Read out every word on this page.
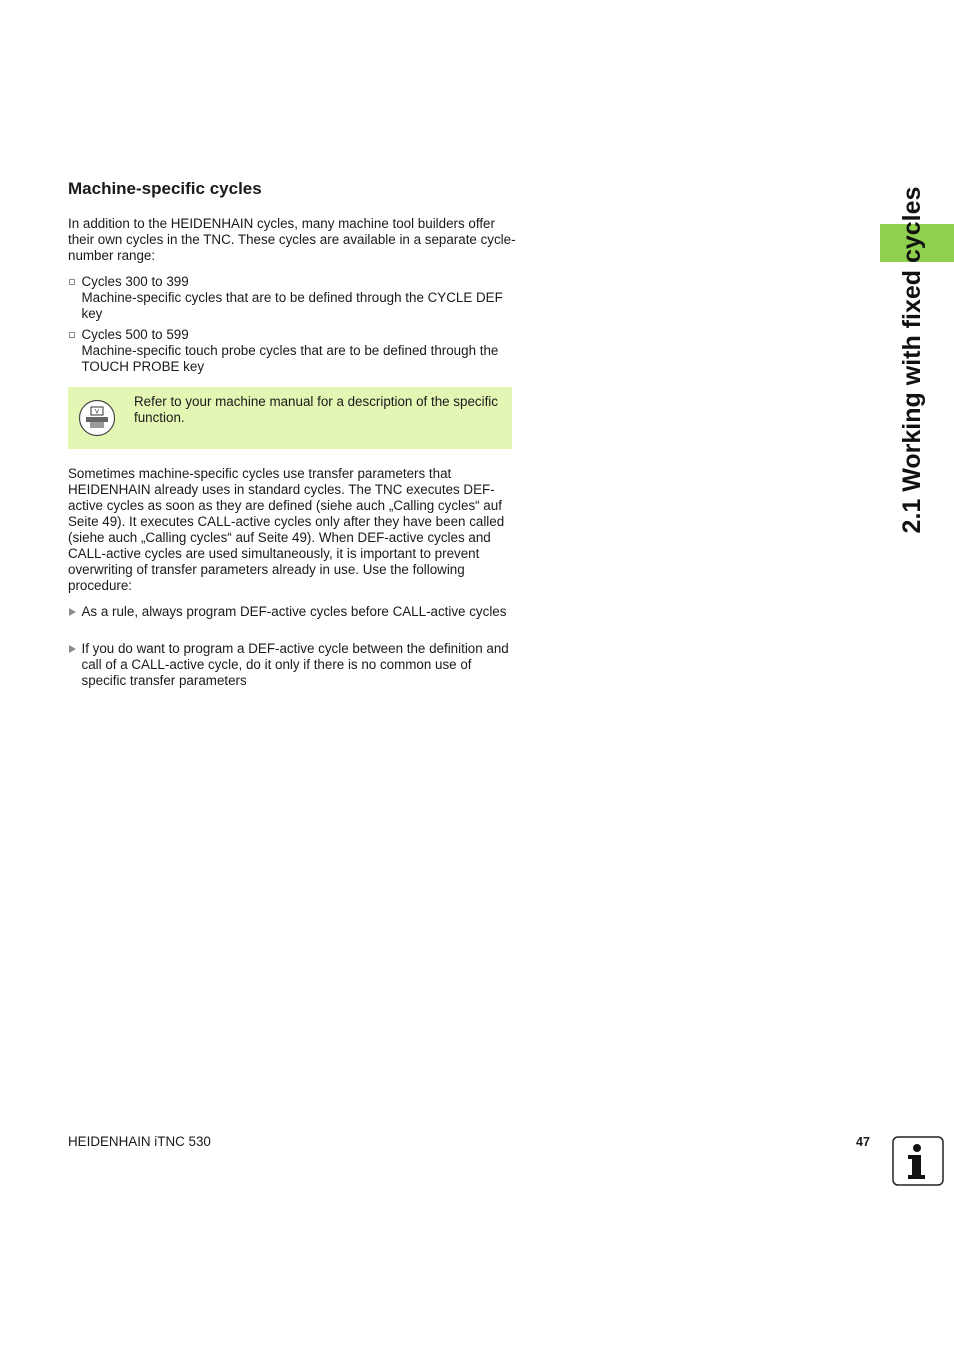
Machine-specific cycles

In addition to the HEIDENHAIN cycles, many machine tool builders offer their own cycles in the TNC. These cycles are available in a separate cycle-number range:

Cycles 300 to 399
Machine-specific cycles that are to be defined through the CYCLE DEF key
Cycles 500 to 599
Machine-specific touch probe cycles that are to be defined through the TOUCH PROBE key
V
Refer to your machine manual for a description of the specific function.

Sometimes machine-specific cycles use transfer parameters that HEIDENHAIN already uses in standard cycles. The TNC executes DEF-active cycles as soon as they are defined (siehe auch „Calling cycles“ auf Seite 49). It executes CALL-active cycles only after they have been called (siehe auch „Calling cycles“ auf Seite 49). When DEF-active cycles and CALL-active cycles are used simultaneously, it is important to prevent overwriting of transfer parameters already in use. Use the following procedure:

As a rule, always program DEF-active cycles before CALL-active cycles
If you do want to program a DEF-active cycle between the definition and call of a CALL-active cycle, do it only if there is no common use of specific transfer parameters
2.1 Working with fixed cycles
HEIDENHAIN iTNC 530	47
